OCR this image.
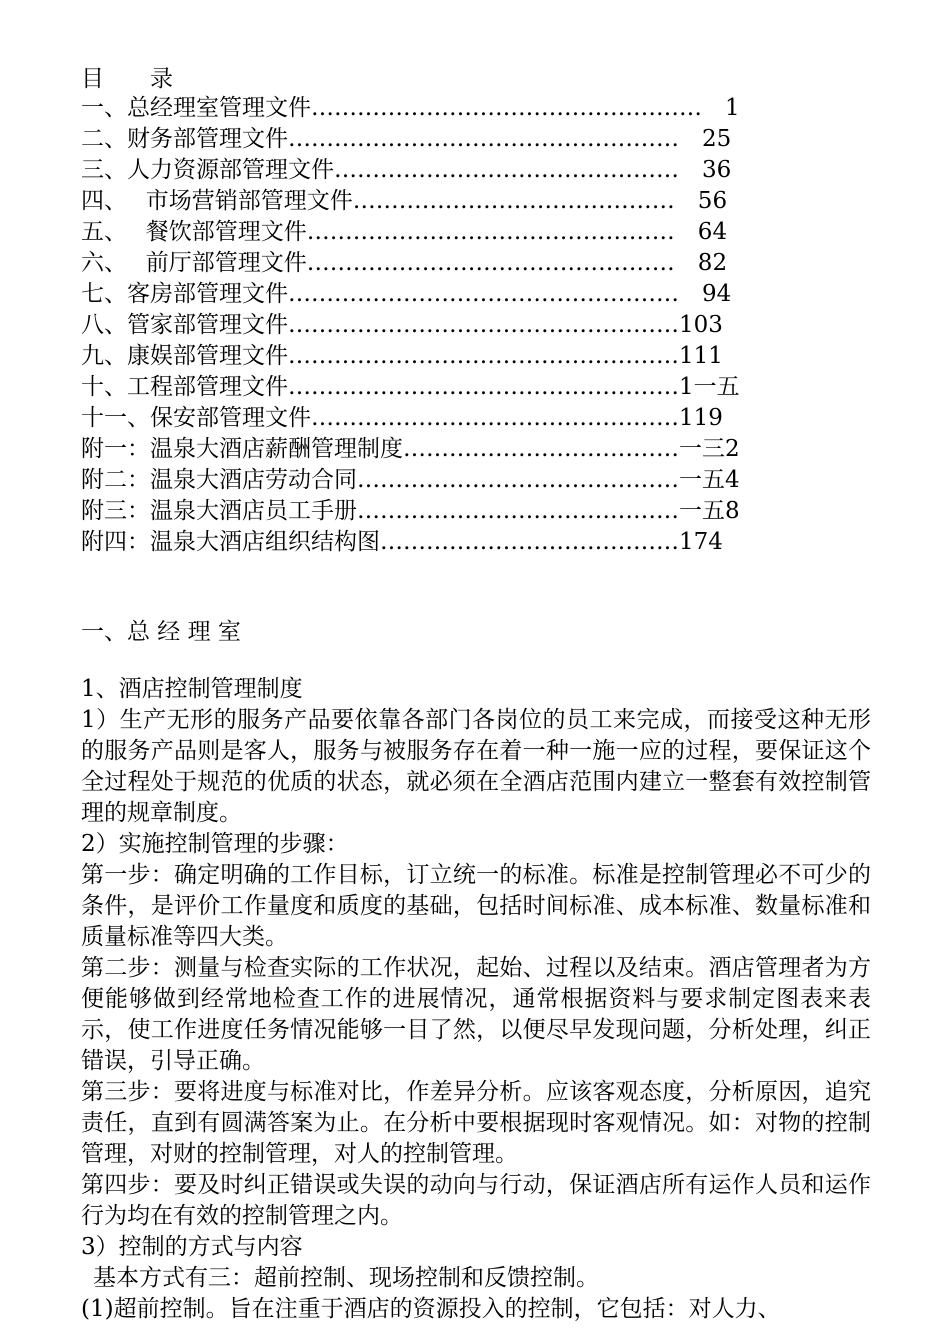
目　　录
一、总经理室管理文件……………………………………………　1
二、财务部管理文件……………………………………………　25
三、人力资源部管理文件………………………………………　36
四、　 市场营销部管理文件……………………………………　56
五、　 餐饮部管理文件…………………………………………　64
六、　 前厅部管理文件…………………………………………　82
七、客房部管理文件……………………………………………　94
八、管家部管理文件……………………………………………103
九、康娱部管理文件……………………………………………111
十、工程部管理文件……………………………………………1一五
十一、保安部管理文件…………………………………………119
附一：温泉大酒店薪酬管理制度………………………………一三2
附二：温泉大酒店劳动合同……………………………………一五4
附三：温泉大酒店员工手册……………………………………一五8
附四：温泉大酒店组织结构图…………………………………174
一、总 经 理 室

1、酒店控制管理制度

1）生产无形的服务产品要依靠各部门各岗位的员工来完成，而接受这种无形的服务产品则是客人，服务与被服务存在着一种一施一应的过程，要保证这个全过程处于规范的优质的状态，就必须在全酒店范围内建立一整套有效控制管理的规章制度。

2）实施控制管理的步骤：

第一步：确定明确的工作目标，订立统一的标准。标准是控制管理必不可少的条件，是评价工作量度和质度的基础，包括时间标准、成本标准、数量标准和质量标准等四大类。

第二步：测量与检查实际的工作状况，起始、过程以及结束。酒店管理者为方便能够做到经常地检查工作的进展情况，通常根据资料与要求制定图表来表示，使工作进度任务情况能够一目了然，以便尽早发现问题，分析处理，纠正错误，引导正确。

第三步：要将进度与标准对比，作差异分析。应该客观态度，分析原因，追究责任，直到有圆满答案为止。在分析中要根据现时客观情况。如：对物的控制管理，对财的控制管理，对人的控制管理。

第四步：要及时纠正错误或失误的动向与行动，保证酒店所有运作人员和运作行为均在有效的控制管理之内。

3）控制的方式与内容

基本方式有三：超前控制、现场控制和反馈控制。

(1)超前控制。旨在注重于酒店的资源投入的控制，它包括：对人力、
